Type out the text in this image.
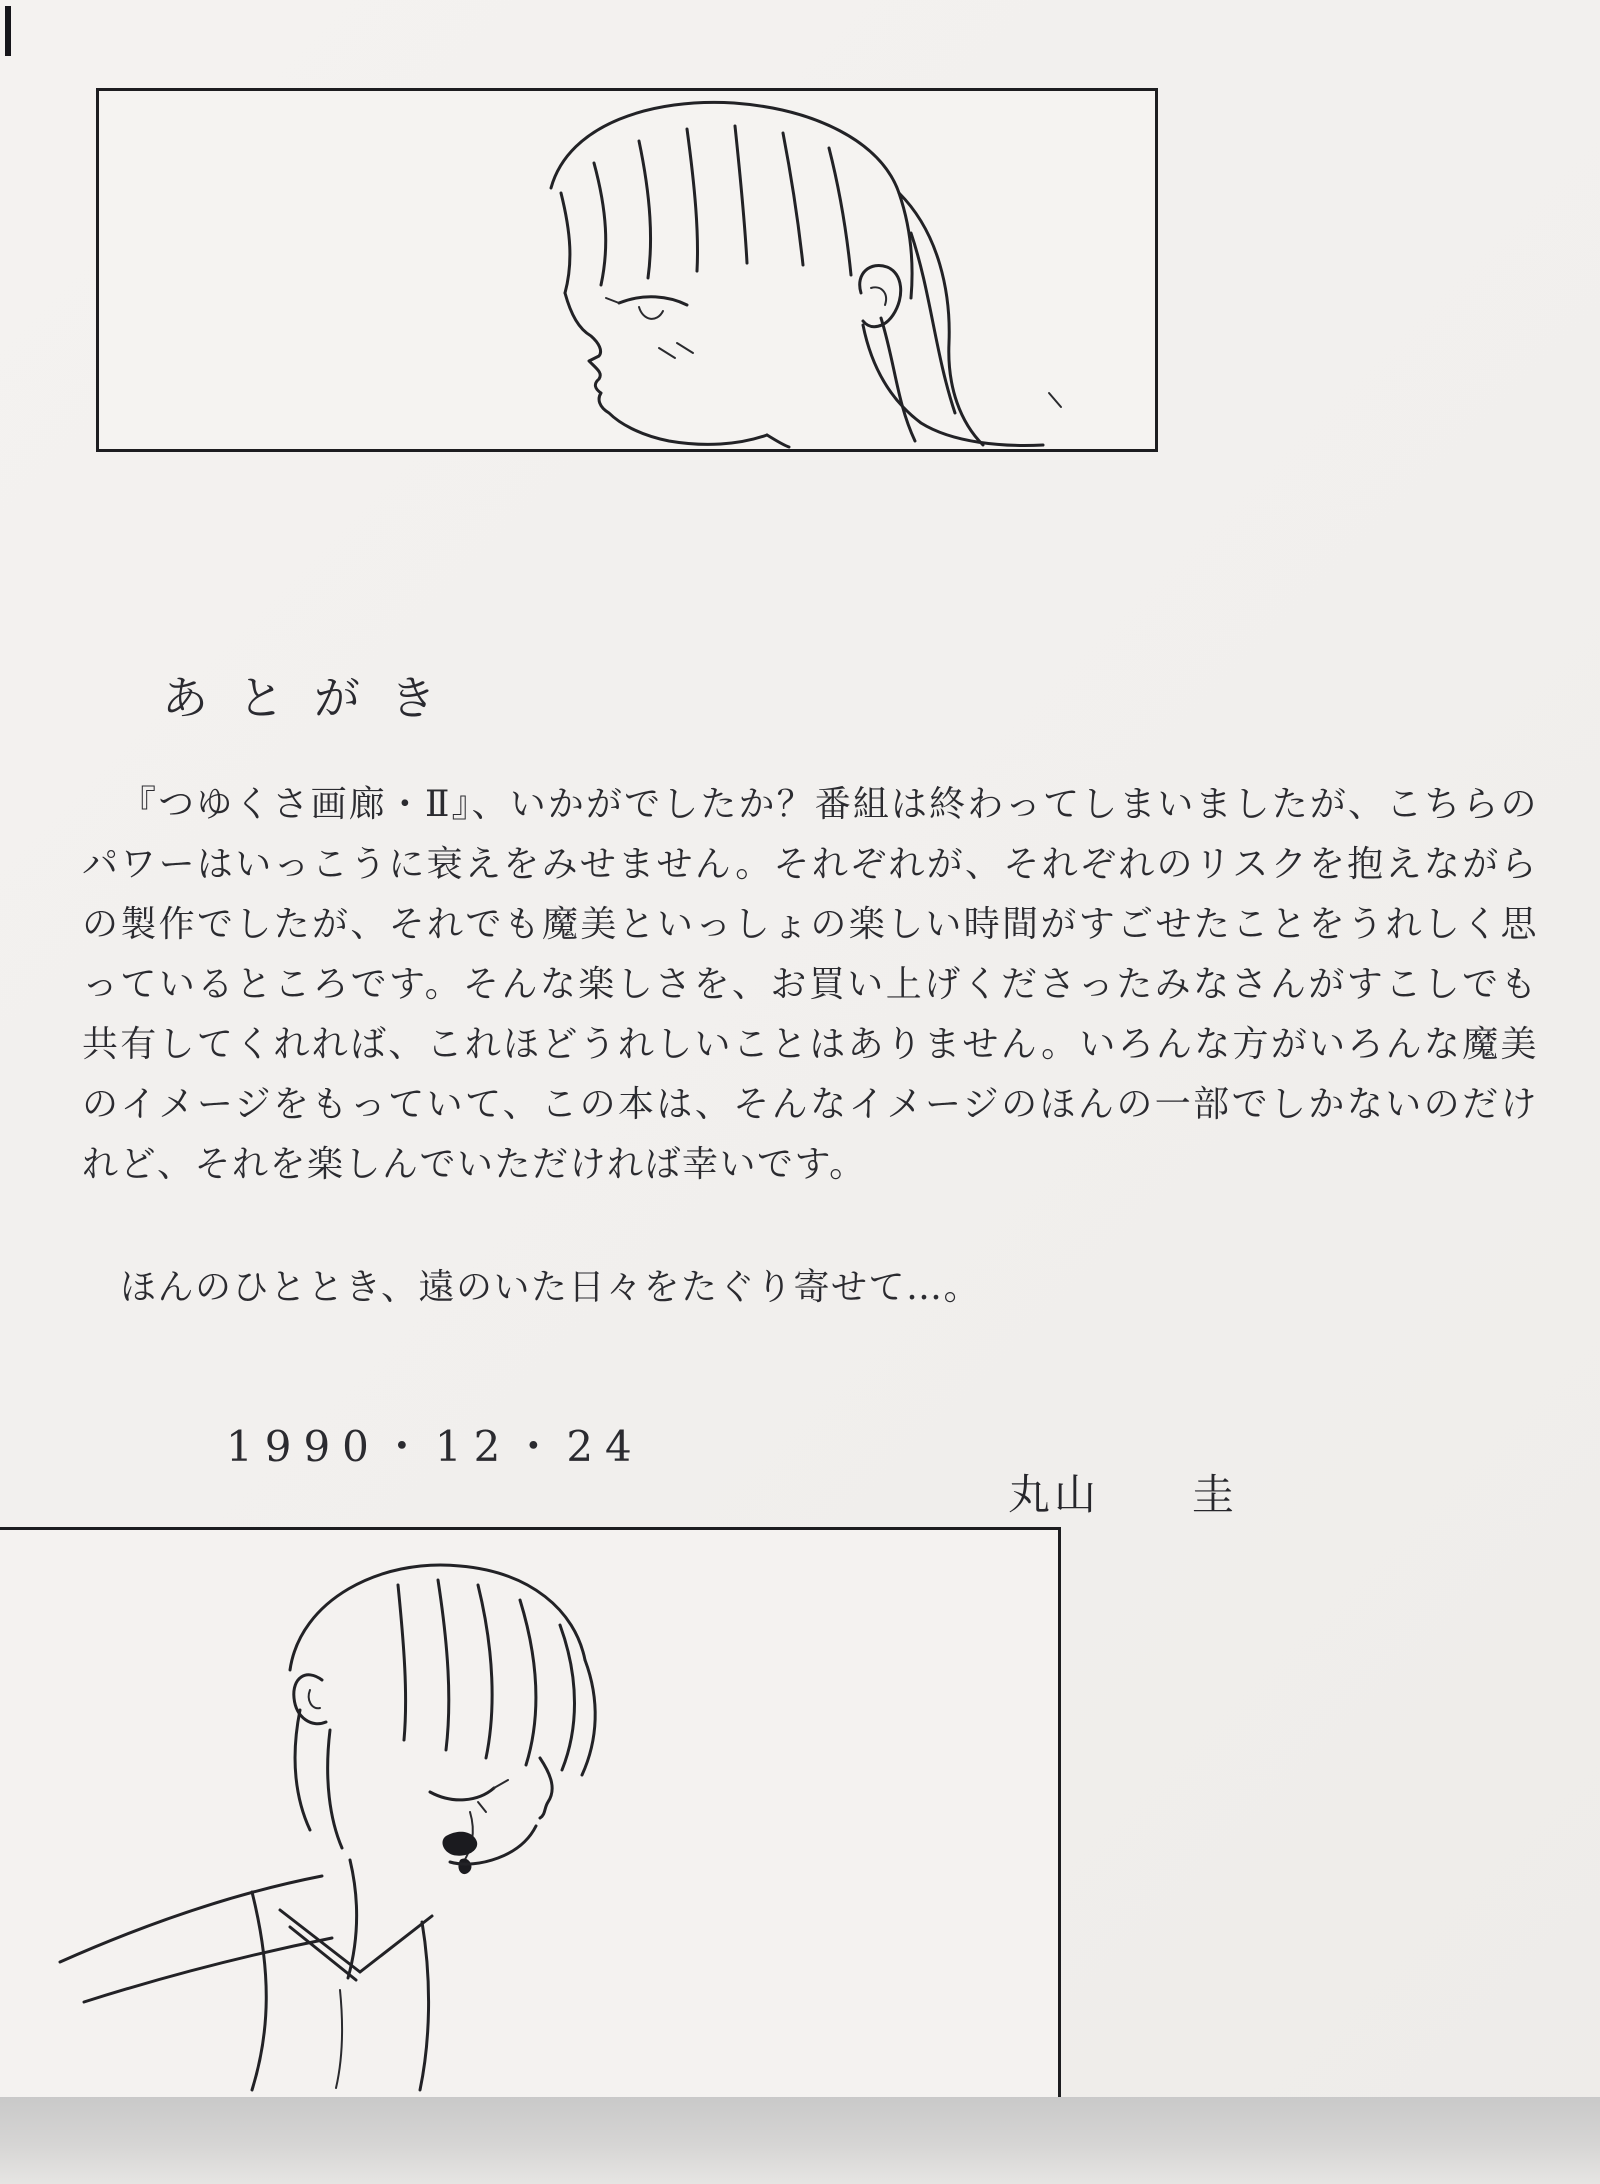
あとがき
『つゆくさ画廊・Ⅱ』、いかがでしたか？番組は終わってしまいましたが、こちらのパワーはいっこうに衰えをみせません。それぞれが、それぞれのリスクを抱えながらの製作でしたが、それでも魔美といっしょの楽しい時間がすごせたことをうれしく思っているところです。そんな楽しさを、お買い上げくださったみなさんがすこしでも共有してくれれば、これほどうれしいことはありません。いろんな方がいろんな魔美のイメージをもっていて、この本は、そんなイメージのほんの一部でしかないのだけれど、それを楽しんでいただければ幸いです。
ほんのひととき、遠のいた日々をたぐり寄せて…。
1990・12・24
丸山　　圭
